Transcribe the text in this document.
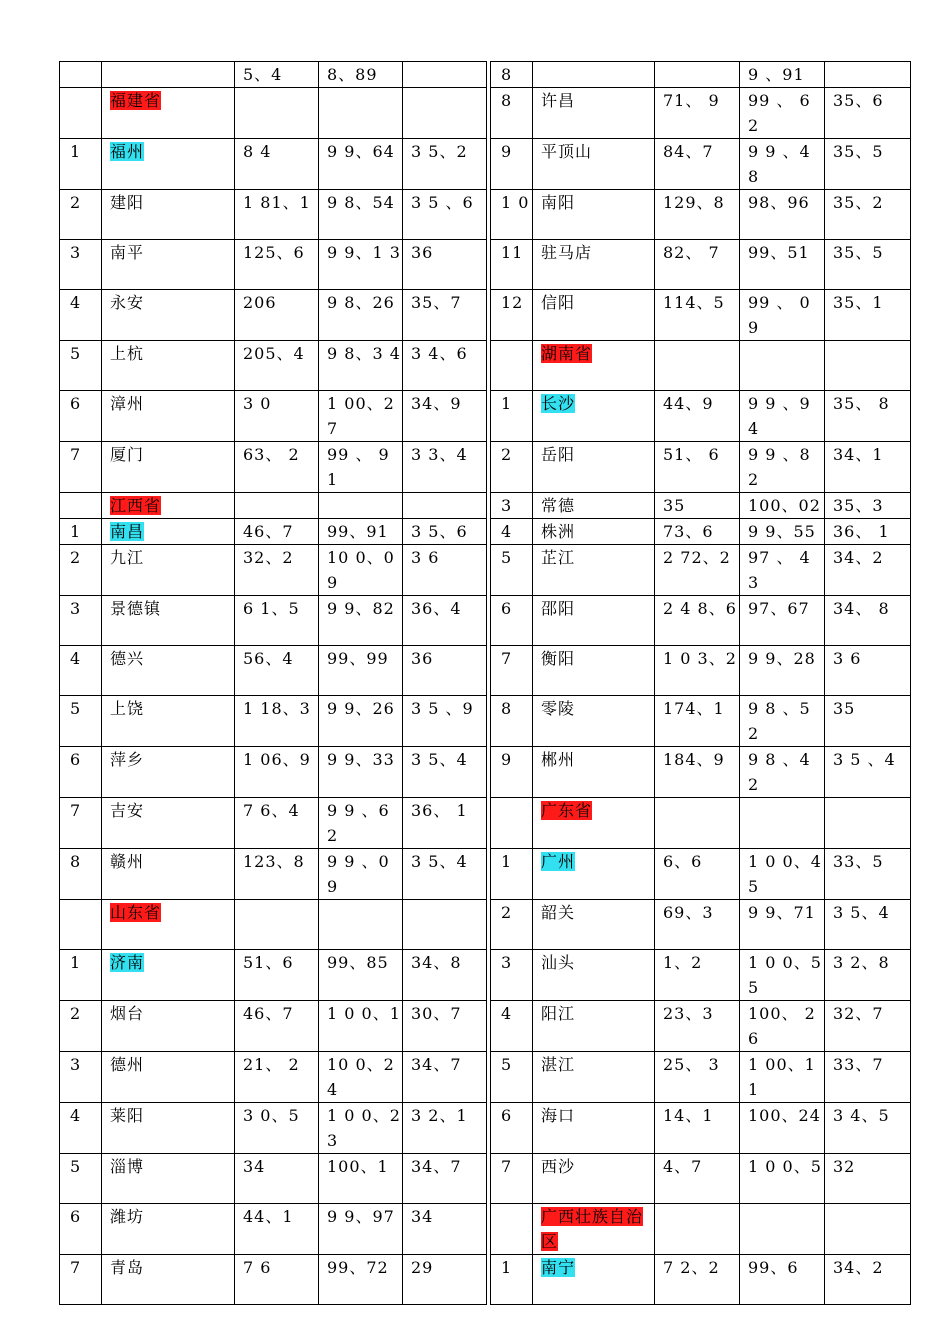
		5、4	8、89			8			9 、91	
	福建省					8	许昌	71、 9	99 、 6 2	35、6
1	福州	8 4	9 9、64	3 5、2		9	平顶山	84、7	9 9 、4 8	35、5
2	建阳	1 81、1	9 8、54	3 5 、6		1 0	南阳	129、8	98、96	35、2
3	南平	125、6	9 9、1 3	36		11	驻马店	82、 7	99、51	35、5
4	永安	206	9 8、26	35、7		12	信阳	114、5	99 、 0 9	35、1
5	上杭	205、4	9 8、3 4	3 4、6			湖南省			
6	漳州	3 0	1 00、27	34、9		1	长沙	44、9	9 9 、9 4	35、 8
7	厦门	63、 2	99 、 9 1	3 3、4		2	岳阳	51、 6	9 9 、8 2	34、1
	江西省					3	常德	35	100、02	35、3
1	南昌	46、7	99、91	3 5、6		4	株洲	73、6	9 9、55	36、 1
2	九江	32、2	10 0、09	3 6		5	芷江	2 72、2	97 、 4 3	34、2
3	景德镇	6 1、5	9 9、82	36、4		6	邵阳	2 4 8、6	97、67	34、 8
4	德兴	56、4	99、99	36		7	衡阳	1 0 3、2	9 9、28	3 6
5	上饶	1 18、3	9 9、26	3 5 、9		8	零陵	174、1	9 8 、5 2	35
6	萍乡	1 06、9	9 9、33	3 5、4		9	郴州	184、9	9 8 、4 2	3 5 、4
7	吉安	7 6、4	9 9 、6 2	36、 1			广东省			
8	赣州	123、8	9 9 、0 9	3 5、4		1	广州	6、6	1 0 0、45	33、5
	山东省					2	韶关	69、3	9 9、71	3 5、4
1	济南	51、6	99、85	34、8		3	汕头	1、2	1 0 0、5 5	3 2、8
2	烟台	46、7	1 0 0、1	30、7		4	阳江	23、3	100、 2 6	32、7
3	德州	21、 2	10 0、24	34、7		5	湛江	25、 3	1 00、11	33、7
4	莱阳	3 0、5	1 0 0、23	3 2、1		6	海口	14、1	100、24	3 4、5
5	淄博	34	100、1	34、7		7	西沙	4、7	1 0 0、5	32
6	潍坊	44、1	9 9、97	34			广西壮族自治区			
7	青岛	7 6	99、72	29		1	南宁	7 2、2	99、6	34、2
